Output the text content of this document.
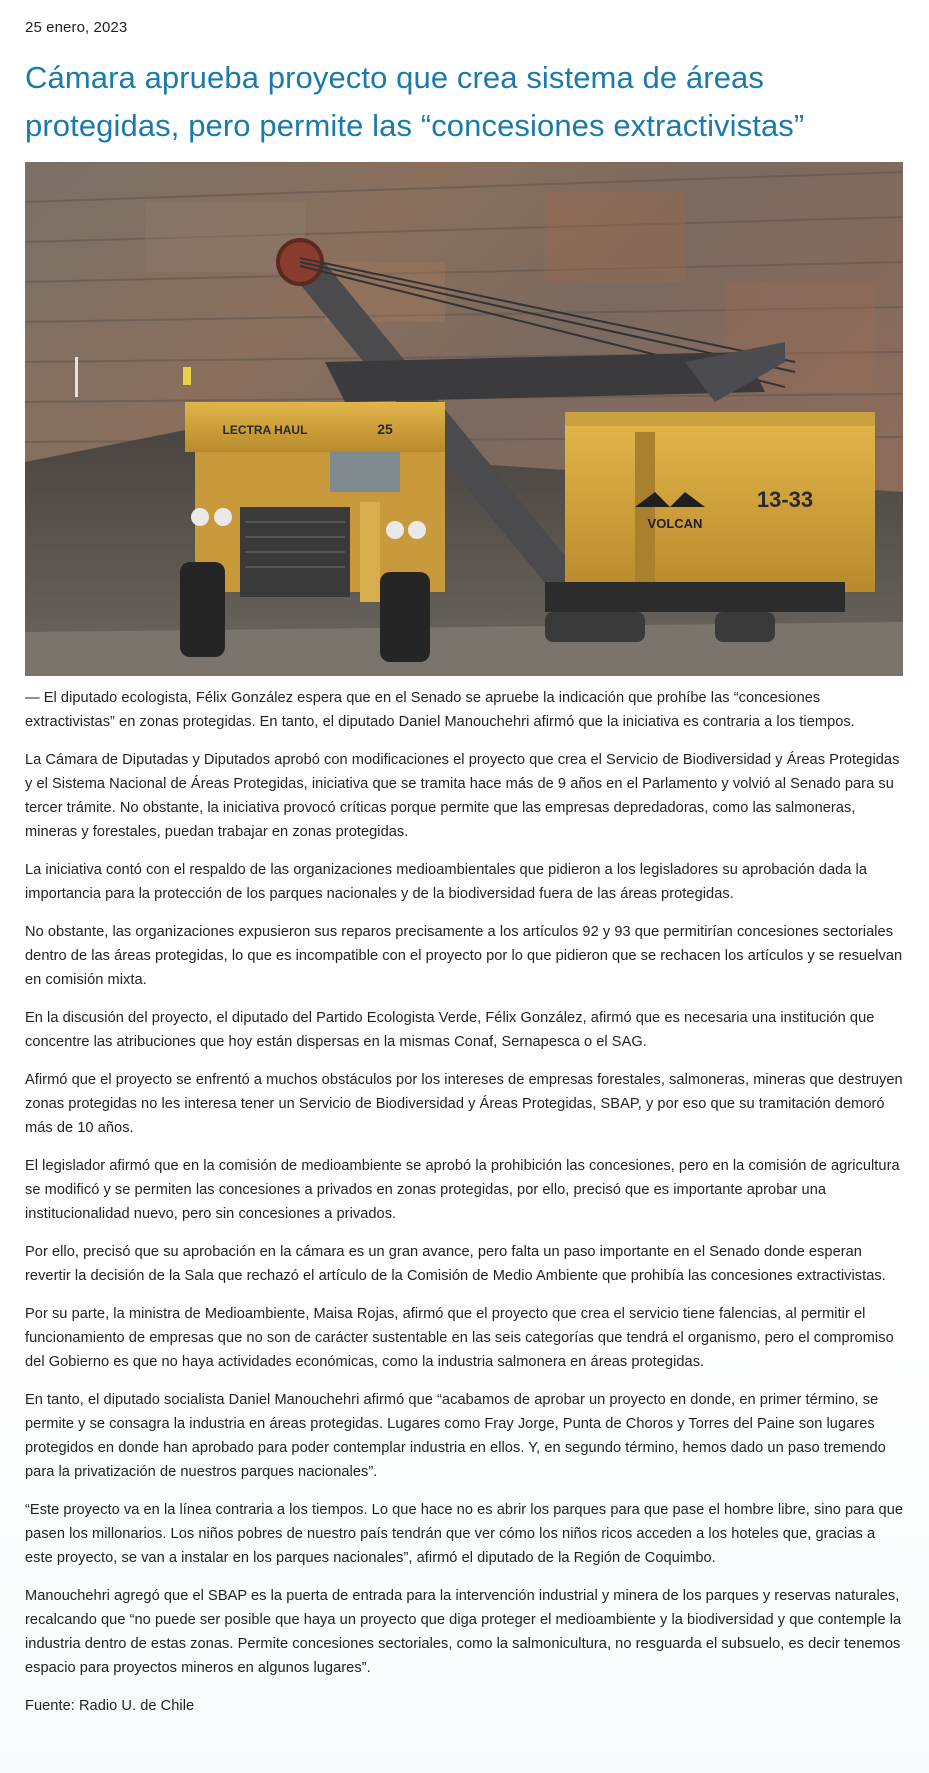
25 enero, 2023
Cámara aprueba proyecto que crea sistema de áreas protegidas, pero permite las “concesiones extractivistas”
VOLCAN
13-33
LECTRA HAUL	25

— El diputado ecologista, Félix González espera que en el Senado se apruebe la indicación que prohíbe las “concesiones extractivistas” en zonas protegidas. En tanto, el diputado Daniel Manouchehri afirmó que la iniciativa es contraria a los tiempos.

La Cámara de Diputadas y Diputados aprobó con modificaciones el proyecto que crea el Servicio de Biodiversidad y Áreas Protegidas y el Sistema Nacional de Áreas Protegidas, iniciativa que se tramita hace más de 9 años en el Parlamento y volvió al Senado para su tercer trámite. No obstante, la iniciativa provocó críticas porque permite que las empresas depredadoras, como las salmoneras, mineras y forestales, puedan trabajar en zonas protegidas.

La iniciativa contó con el respaldo de las organizaciones medioambientales que pidieron a los legisladores su aprobación dada la importancia para la protección de los parques nacionales y de la biodiversidad fuera de las áreas protegidas.

No obstante, las organizaciones expusieron sus reparos precisamente a los artículos 92 y 93 que permitirían concesiones sectoriales dentro de las áreas protegidas, lo que es incompatible con el proyecto por lo que pidieron que se rechacen los artículos y se resuelvan en comisión mixta.

En la discusión del proyecto, el diputado del Partido Ecologista Verde, Félix González, afirmó que es necesaria una institución que concentre las atribuciones que hoy están dispersas en la mismas Conaf, Sernapesca o el SAG.

Afirmó que el proyecto se enfrentó a muchos obstáculos por los intereses de empresas forestales, salmoneras, mineras que destruyen zonas protegidas no les interesa tener un Servicio de Biodiversidad y Áreas Protegidas, SBAP, y por eso que su tramitación demoró más de 10 años.

El legislador afirmó que en la comisión de medioambiente se aprobó la prohibición las concesiones, pero en la comisión de agricultura se modificó y se permiten las concesiones a privados en zonas protegidas, por ello, precisó que es importante aprobar una institucionalidad nuevo, pero sin concesiones a privados.

Por ello, precisó que su aprobación en la cámara es un gran avance, pero falta un paso importante en el Senado donde esperan revertir la decisión de la Sala que rechazó el artículo de la Comisión de Medio Ambiente que prohibía las concesiones extractivistas.

Por su parte, la ministra de Medioambiente, Maisa Rojas, afirmó que el proyecto que crea el servicio tiene falencias, al permitir el funcionamiento de empresas que no son de carácter sustentable en las seis categorías que tendrá el organismo, pero el compromiso del Gobierno es que no haya actividades económicas, como la industria salmonera en áreas protegidas.

En tanto, el diputado socialista Daniel Manouchehri afirmó que “acabamos de aprobar un proyecto en donde, en primer término, se permite y se consagra la industria en áreas protegidas. Lugares como Fray Jorge, Punta de Choros y Torres del Paine son lugares protegidos en donde han aprobado para poder contemplar industria en ellos. Y, en segundo término, hemos dado un paso tremendo para la privatización de nuestros parques nacionales”.

“Este proyecto va en la línea contraria a los tiempos. Lo que hace no es abrir los parques para que pase el hombre libre, sino para que pasen los millonarios. Los niños pobres de nuestro país tendrán que ver cómo los niños ricos acceden a los hoteles que, gracias a este proyecto, se van a instalar en los parques nacionales”, afirmó el diputado de la Región de Coquimbo.

Manouchehri agregó que el SBAP es la puerta de entrada para la intervención industrial y minera de los parques y reservas naturales, recalcando que “no puede ser posible que haya un proyecto que diga proteger el medioambiente y la biodiversidad y que contemple la industria dentro de estas zonas. Permite concesiones sectoriales, como la salmonicultura, no resguarda el subsuelo, es decir tenemos espacio para proyectos mineros en algunos lugares”.

Fuente: Radio U. de Chile
